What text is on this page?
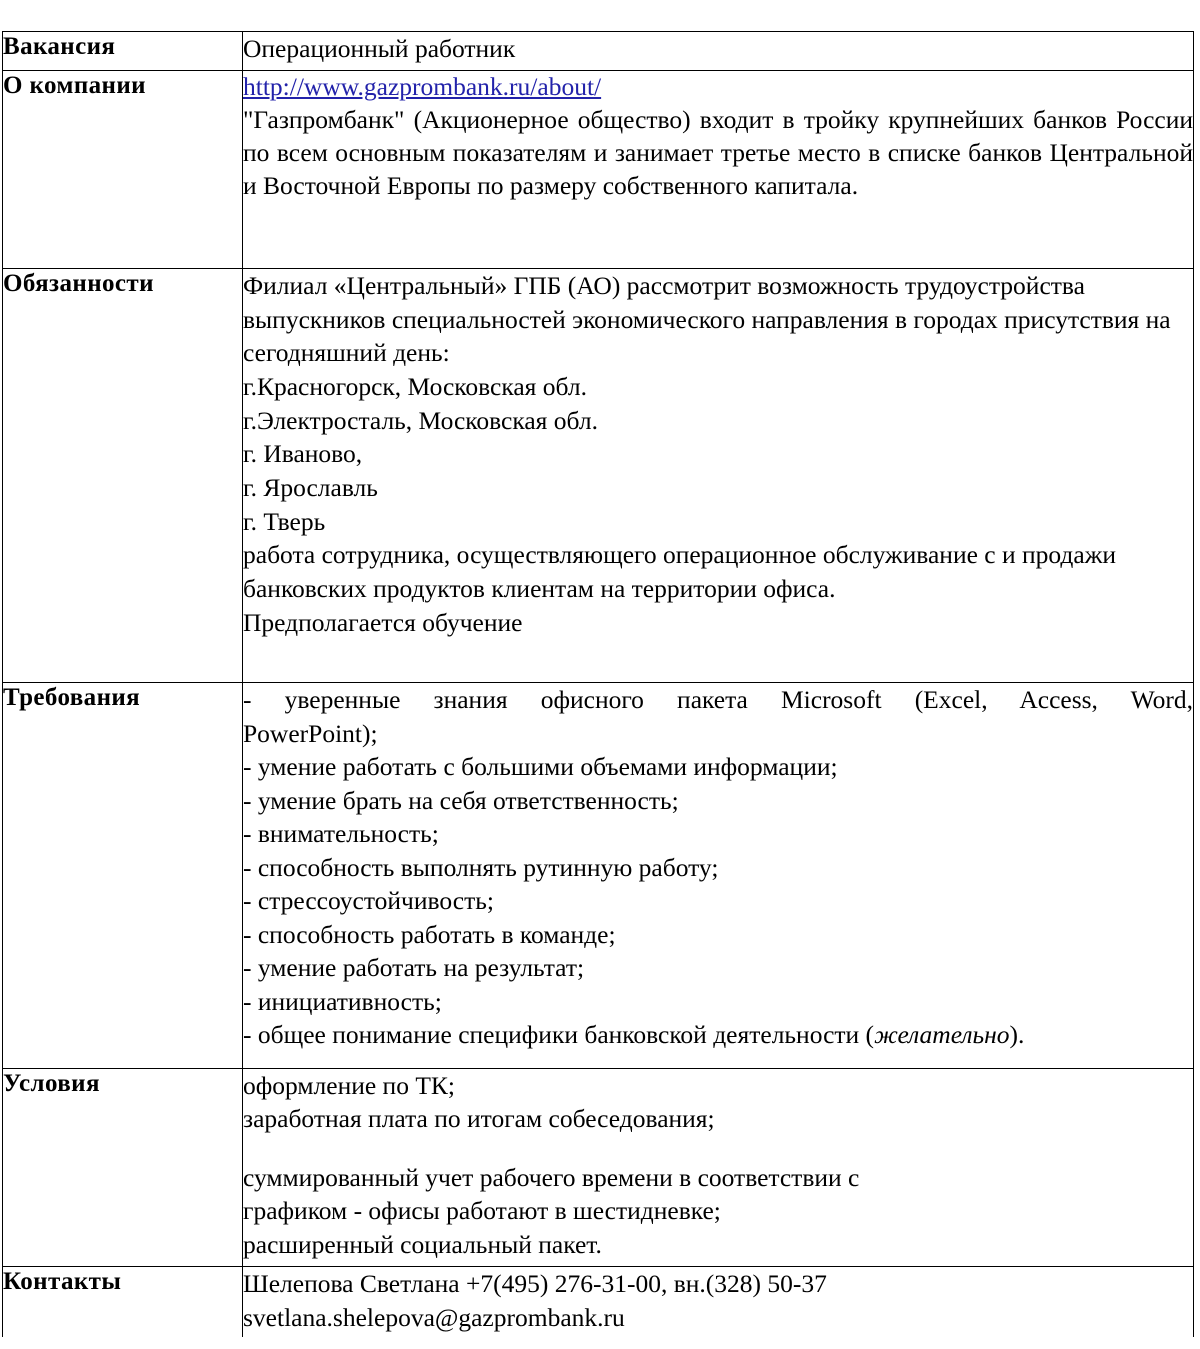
Вакансия	Операционный работник

О компании	http://www.gazprombank.ru/about/

"Газпромбанк" (Акционерное общество) входит в тройку крупнейших банков России по всем основным показателям и занимает третье место в списке банков Центральной и Восточной Европы по размеру собственного капитала.

Обязанности	Филиал «Центральный» ГПБ (АО) рассмотрит возможность трудоустройства выпускников специальностей экономического направления в городах присутствия на сегодняшний день:

г.Красногорск, Московская обл.

г.Электросталь, Московская обл.

г. Иваново,

г. Ярославль

г. Тверь

работа сотрудника, осуществляющего операционное обслуживание с и продажи банковских продуктов клиентам на территории офиса.

Предполагается обучение

Требования	- уверенные знания офисного пакета Microsoft (Excel, Access, Word,

PowerPoint);

- умение работать с большими объемами информации;

- умение брать на себя ответственность;

- внимательность;

- способность выполнять рутинную работу;

- стрессоустойчивость;

- способность работать в команде;

- умение работать на результат;

- инициативность;

- общее понимание специфики банковской деятельности (желательно).

Условия	оформление по ТК;

заработная плата по итогам собеседования;

суммированный учет рабочего времени в соответствии с

графиком - офисы работают в шестидневке;

расширенный социальный пакет.

Контакты	Шелепова Светлана +7(495) 276-31-00, вн.(328) 50-37

svetlana.shelepova@gazprombank.ru
